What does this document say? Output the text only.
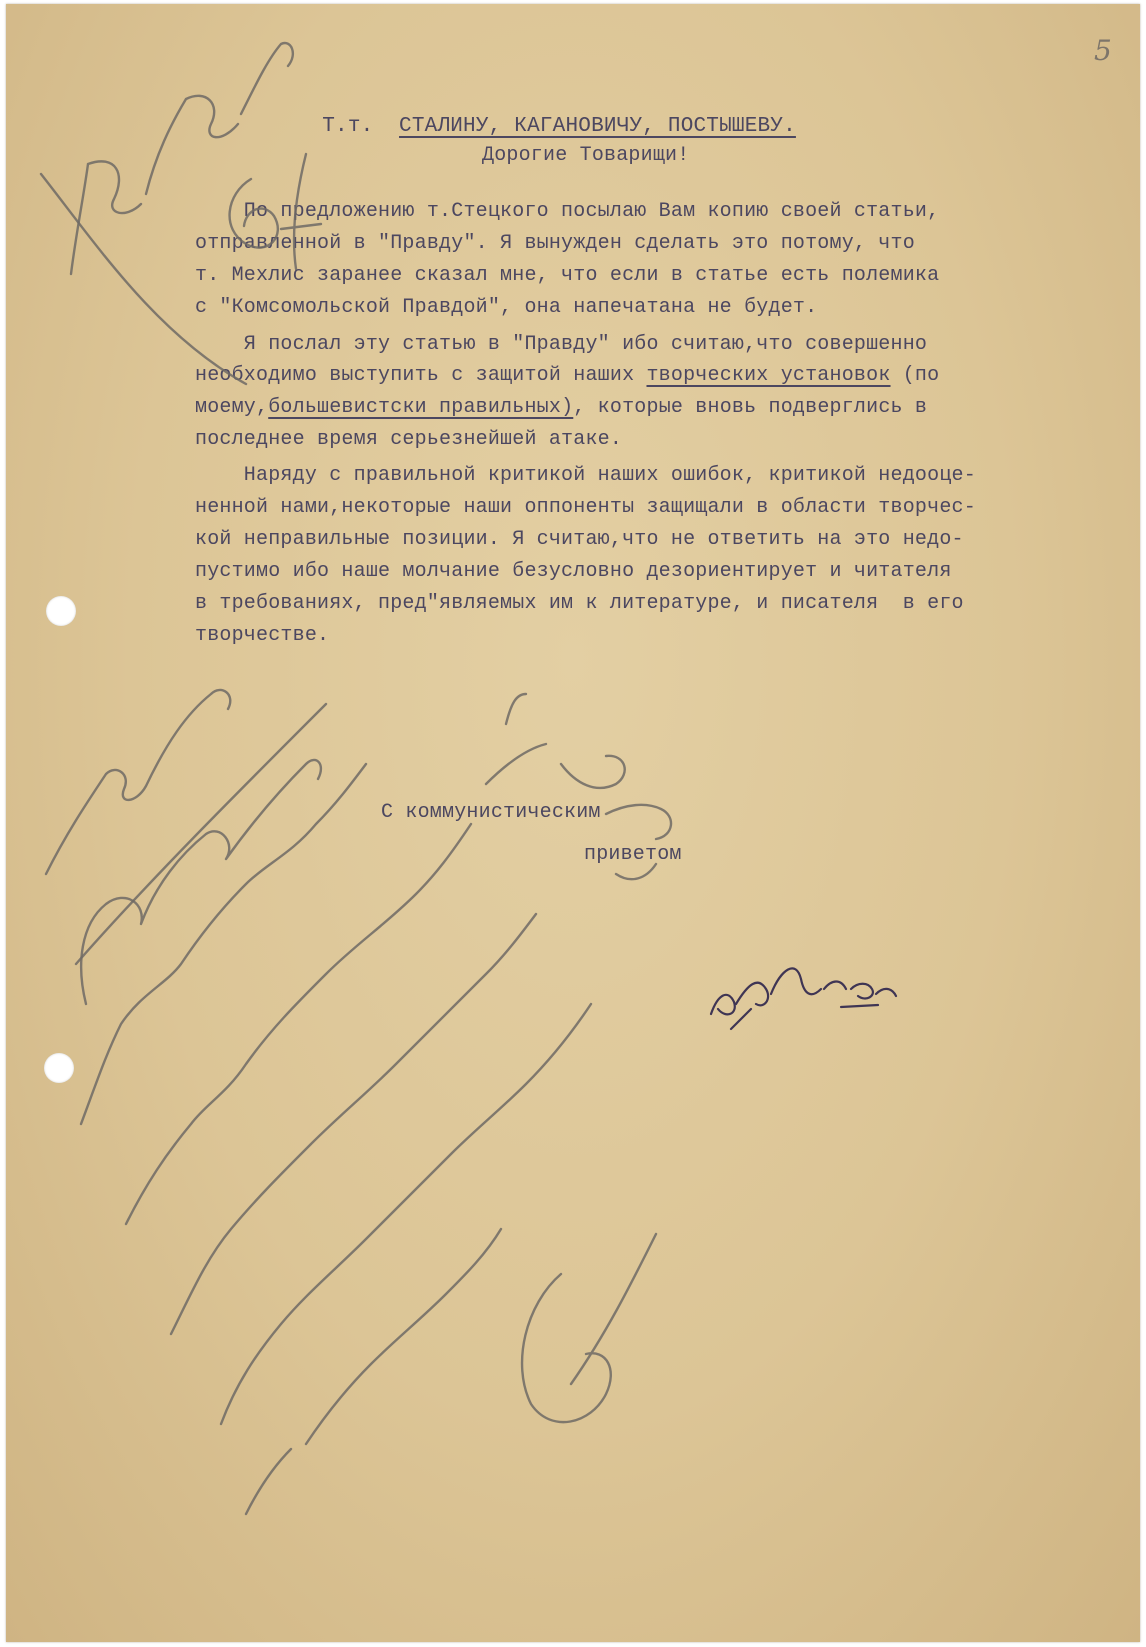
5

Т.т. СТАЛИНУ, КАГАНОВИЧУ, ПОСТЫШЕВУ.

Дорогие Товарищи!

По предложению т.Стецкого посылаю Вам копию своей статьи,

отправленной в "Правду". Я вынужден сделать это потому, что

т. Мехлис заранее сказал мне, что если в статье есть полемика

с "Комсомольской Правдой", она напечатана не будет.

Я послал эту статью в "Правду" ибо считаю,что совершенно

необходимо выступить с защитой наших творческих установок (по

моему,большевистски правильных), которые вновь подверглись в

последнее время серьезнейшей атаке.

Наряду с правильной критикой наших ошибок, критикой недооце-

ненной нами,некоторые наши оппоненты защищали в области творчес-

кой неправильные позиции. Я считаю,что не ответить на это недо-

пустимо ибо наше молчание безусловно дезориентирует и читателя

в требованиях, пред"являемых им к литературе, и писателя  в его

творчестве.

С коммунистическим

приветом
